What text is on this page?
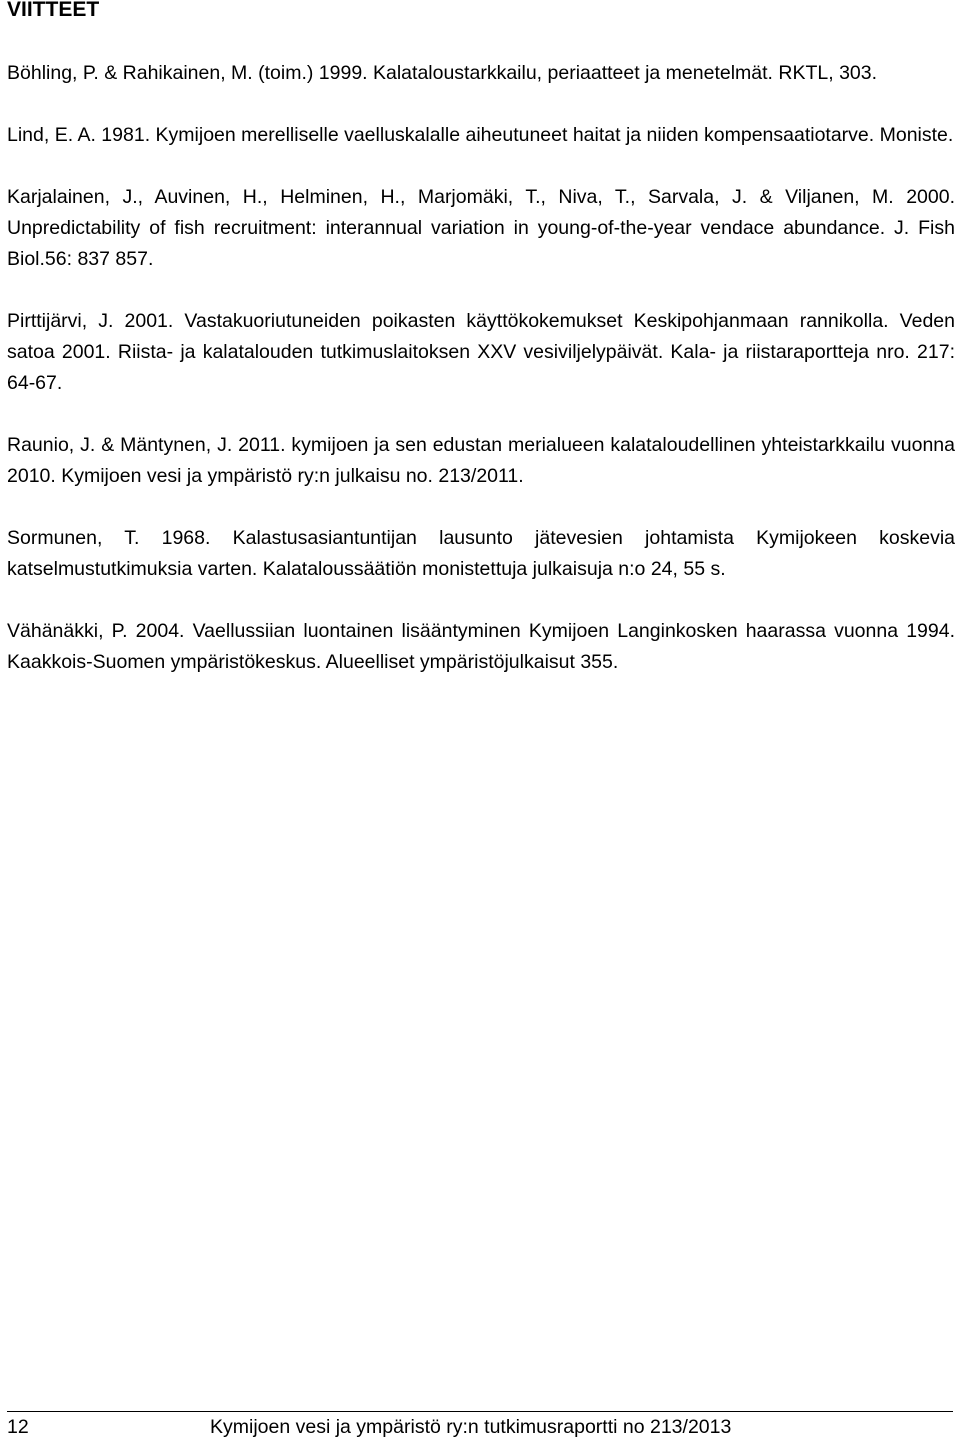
VIITTEET
Böhling, P. & Rahikainen, M. (toim.) 1999. Kalataloustarkkailu, periaatteet ja menetelmät. RKTL, 303.
Lind, E. A. 1981. Kymijoen merelliselle vaelluskalalle aiheutuneet haitat ja niiden kompensaatiotarve. Moniste.
Karjalainen, J., Auvinen, H., Helminen, H., Marjomäki, T., Niva, T., Sarvala, J. & Viljanen, M. 2000. Unpredictability of fish recruitment: interannual variation in young-of-the-year vendace abundance. J. Fish Biol.56: 837 857.
Pirttijärvi, J. 2001. Vastakuoriutuneiden poikasten käyttökokemukset Keskipohjanmaan rannikolla. Veden satoa 2001. Riista- ja kalatalouden tutkimuslaitoksen XXV vesiviljelypäivät. Kala- ja riistaraportteja nro. 217: 64-67.
Raunio, J. & Mäntynen, J. 2011. kymijoen ja sen edustan merialueen kalataloudellinen yhteistarkkailu vuonna 2010. Kymijoen vesi ja ympäristö ry:n julkaisu no. 213/2011.
Sormunen, T. 1968. Kalastusasiantuntijan lausunto jätevesien johtamista Kymijokeen koskevia katselmustutkimuksia varten. Kalataloussäätiön monistettuja julkaisuja n:o 24, 55 s.
Vähänäkki, P. 2004. Vaellussiian luontainen lisääntyminen Kymijoen Langinkosken haarassa vuonna 1994. Kaakkois-Suomen ympäristökeskus. Alueelliset ympäristöjulkaisut 355.
12	Kymijoen vesi ja ympäristö ry:n tutkimusraportti no 213/2013
